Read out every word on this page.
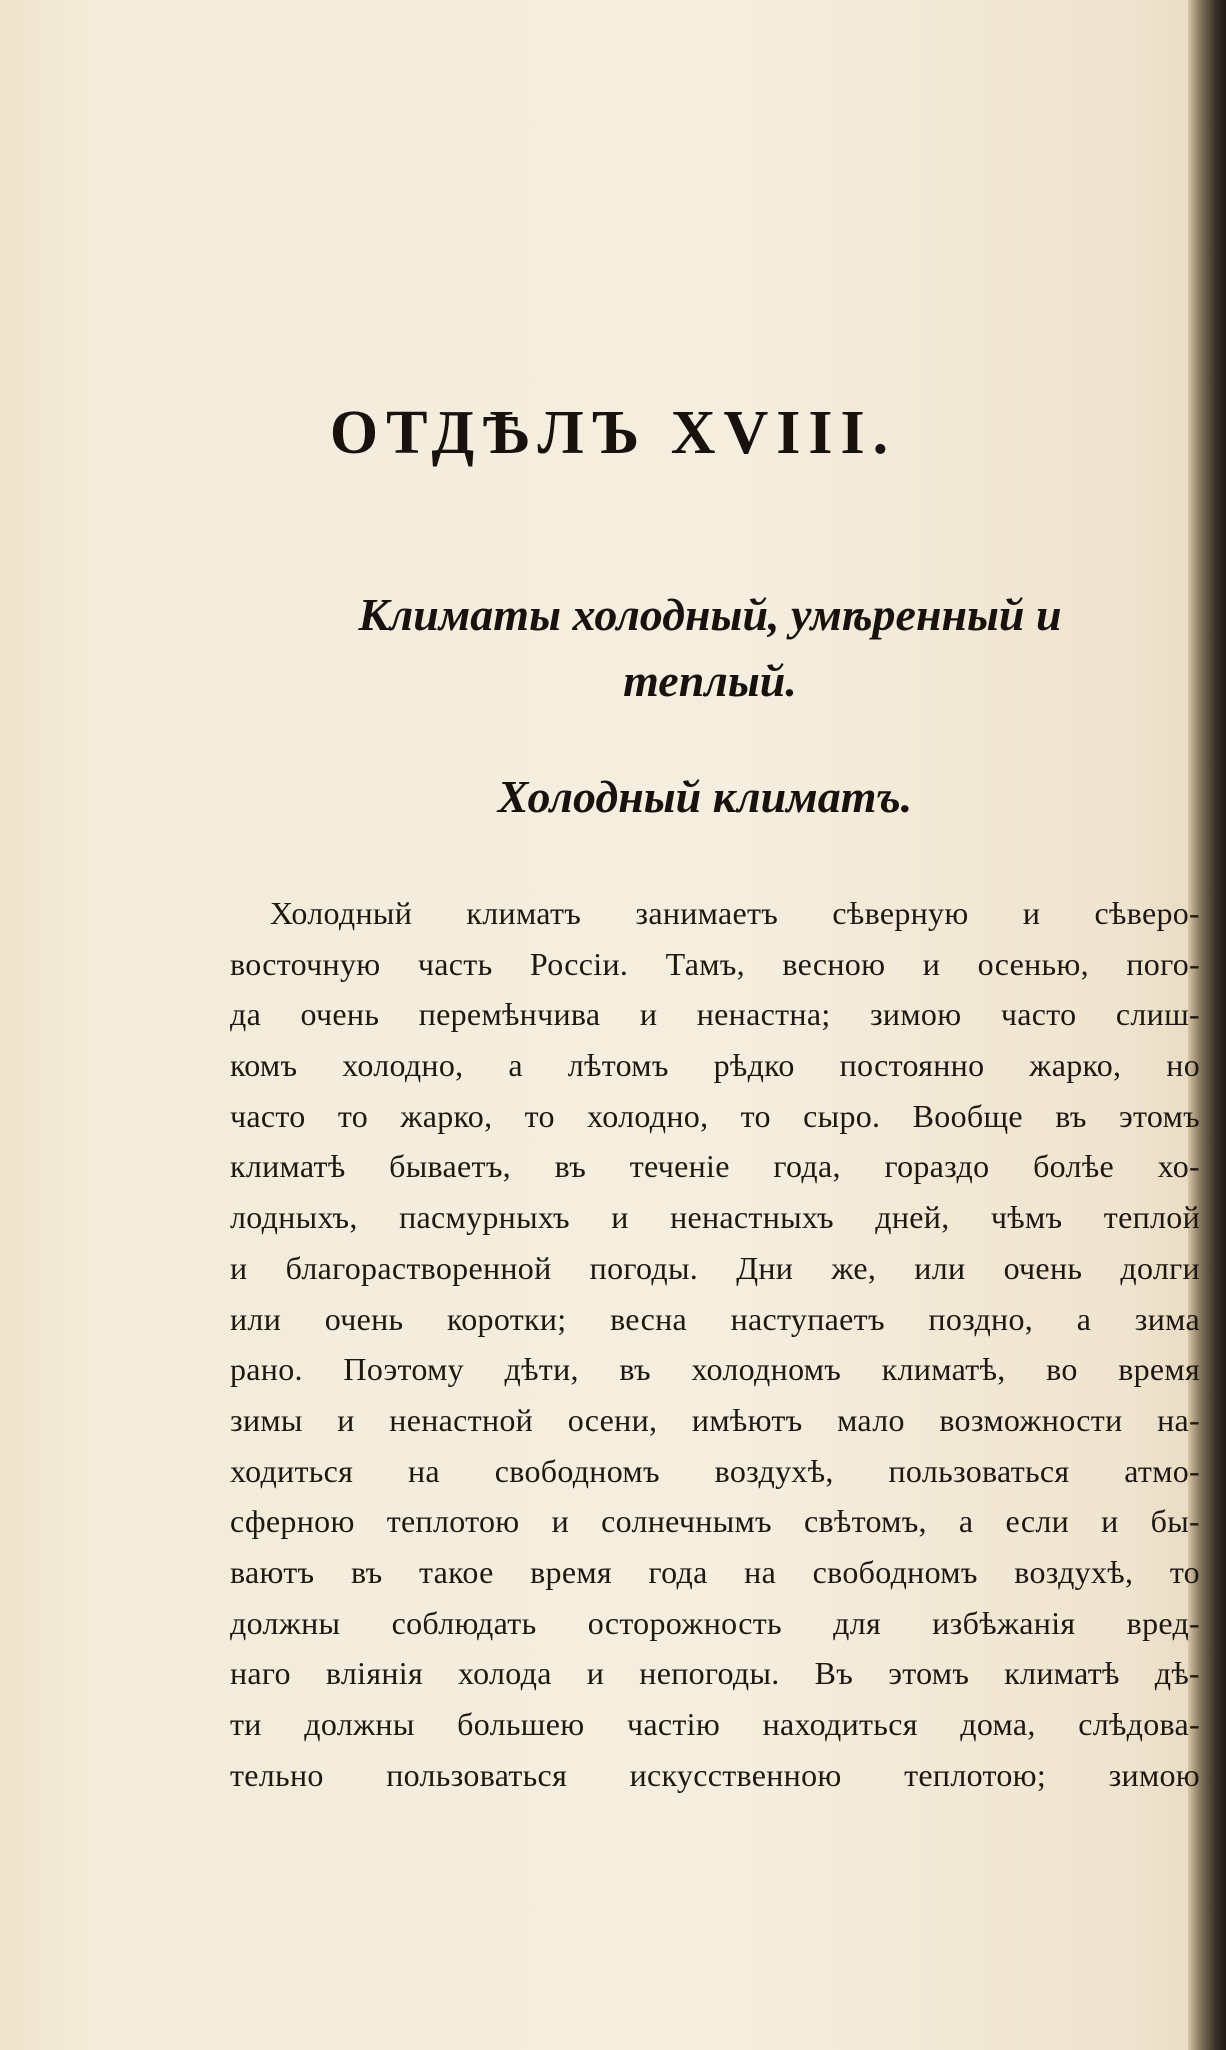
ОТДѢЛЪ XVIII.
Климаты холодный, умѣренный и
теплый.
Холодный климатъ.
Холодный климатъ занимаетъ сѣверную и сѣверо-
восточную часть Россіи. Тамъ, весною и осенью, пого-
да очень перемѣнчива и ненастна; зимою часто слиш-
комъ холодно, а лѣтомъ рѣдко постоянно жарко, но
часто то жарко, то холодно, то сыро. Вообще въ этомъ
климатѣ бываетъ, въ теченіе года, гораздо болѣе хо-
лодныхъ, пасмурныхъ и ненастныхъ дней, чѣмъ теплой
и благорастворенной погоды. Дни же, или очень долги
или очень коротки; весна наступаетъ поздно, а зима
рано. Поэтому дѣти, въ холодномъ климатѣ, во время
зимы и ненастной осени, имѣютъ мало возможности на-
ходиться на свободномъ воздухѣ, пользоваться атмо-
сферною теплотою и солнечнымъ свѣтомъ, а если и бы-
ваютъ въ такое время года на свободномъ воздухѣ, то
должны соблюдать осторожность для избѣжанія вред-
наго вліянія холода и непогоды. Въ этомъ климатѣ дѣ-
ти должны большею частію находиться дома, слѣдова-
тельно пользоваться искусственною теплотою; зимою
